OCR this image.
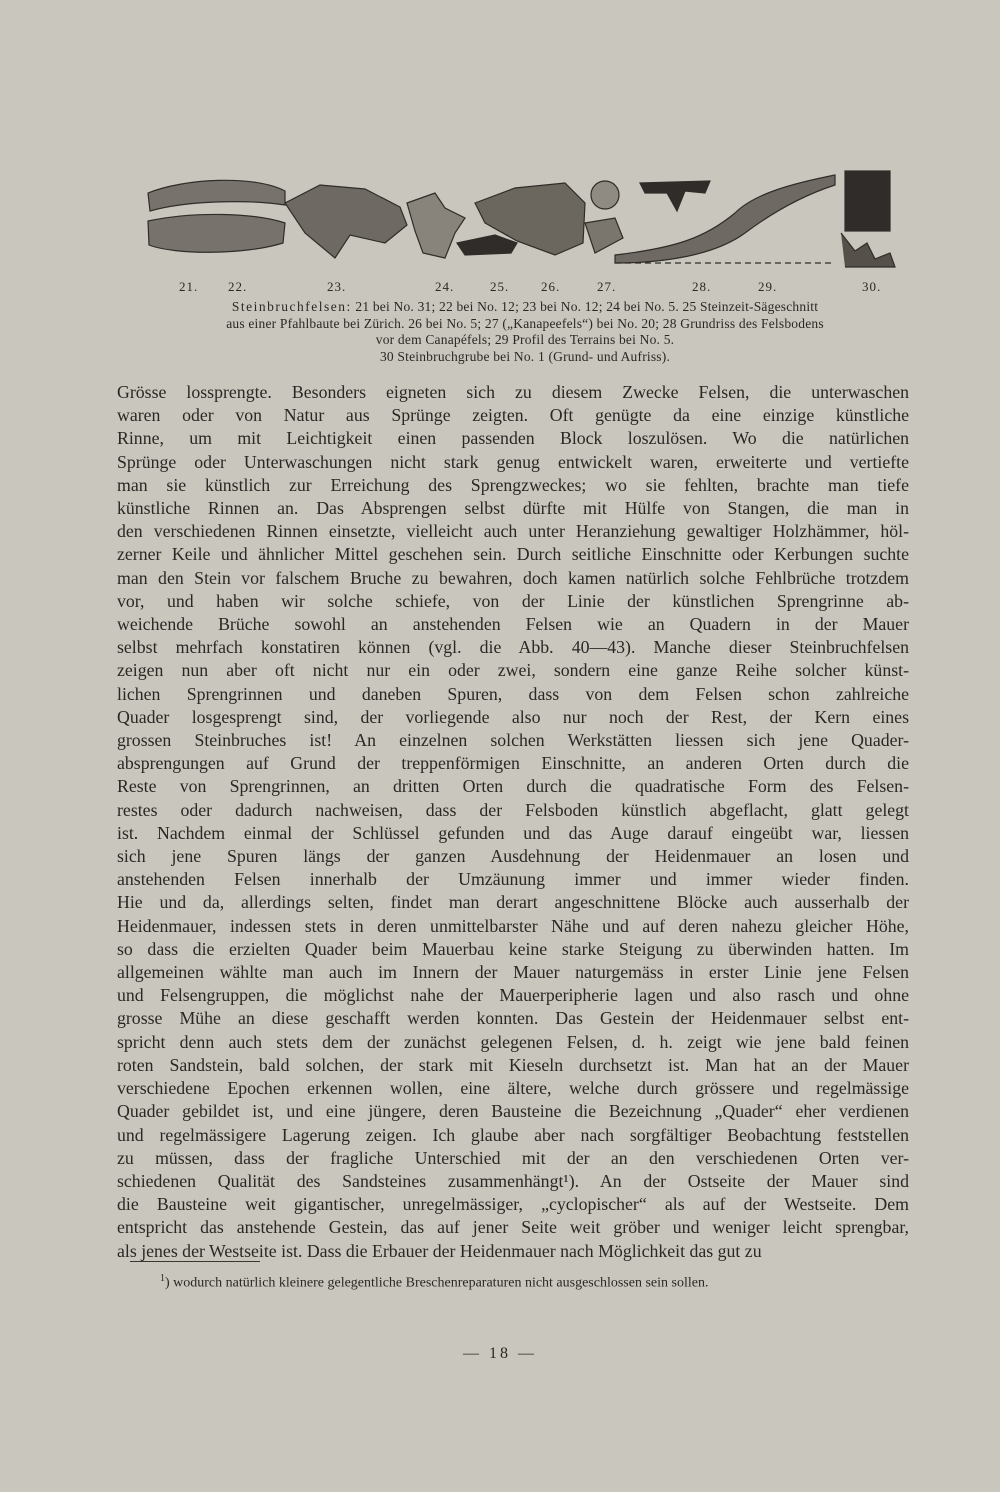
21. 22.	23.	24.	25. 26.	27.	28.	29.	30.
Steinbruchfelsen: 21 bei No. 31; 22 bei No. 12; 23 bei No. 12; 24 bei No. 5. 25 Steinzeit-Sägeschnitt
aus einer Pfahlbaute bei Zürich. 26 bei No. 5; 27 („Kanapeefels“) bei No. 20; 28 Grundriss des Felsbodens
vor dem Canapéfels; 29 Profil des Terrains bei No. 5.
30 Steinbruchgrube bei No. 1 (Grund- und Aufriss).

Grösse lossprengte. Besonders eigneten sich zu diesem Zwecke Felsen, die unterwaschen

waren oder von Natur aus Sprünge zeigten. Oft genügte da eine einzige künstliche

Rinne, um mit Leichtigkeit einen passenden Block loszulösen. Wo die natürlichen

Sprünge oder Unterwaschungen nicht stark genug entwickelt waren, erweiterte und vertiefte

man sie künstlich zur Erreichung des Sprengzweckes; wo sie fehlten, brachte man tiefe

künstliche Rinnen an. Das Absprengen selbst dürfte mit Hülfe von Stangen, die man in

den verschiedenen Rinnen einsetzte, vielleicht auch unter Heranziehung gewaltiger Holzhämmer, höl-

zerner Keile und ähnlicher Mittel geschehen sein. Durch seitliche Einschnitte oder Kerbungen suchte

man den Stein vor falschem Bruche zu bewahren, doch kamen natürlich solche Fehlbrüche trotzdem

vor, und haben wir solche schiefe, von der Linie der künstlichen Sprengrinne ab-

weichende Brüche sowohl an anstehenden Felsen wie an Quadern in der Mauer

selbst mehrfach konstatiren können (vgl. die Abb. 40—43). Manche dieser Steinbruchfelsen

zeigen nun aber oft nicht nur ein oder zwei, sondern eine ganze Reihe solcher künst-

lichen Sprengrinnen und daneben Spuren, dass von dem Felsen schon zahlreiche

Quader losgesprengt sind, der vorliegende also nur noch der Rest, der Kern eines

grossen Steinbruches ist! An einzelnen solchen Werkstätten liessen sich jene Quader-

absprengungen auf Grund der treppenförmigen Einschnitte, an anderen Orten durch die

Reste von Sprengrinnen, an dritten Orten durch die quadratische Form des Felsen-

restes oder dadurch nachweisen, dass der Felsboden künstlich abgeflacht, glatt gelegt

ist. Nachdem einmal der Schlüssel gefunden und das Auge darauf eingeübt war, liessen

sich jene Spuren längs der ganzen Ausdehnung der Heidenmauer an losen und

anstehenden Felsen innerhalb der Umzäunung immer und immer wieder finden.

Hie und da, allerdings selten, findet man derart angeschnittene Blöcke auch ausserhalb der

Heidenmauer, indessen stets in deren unmittelbarster Nähe und auf deren nahezu gleicher Höhe,

so dass die erzielten Quader beim Mauerbau keine starke Steigung zu überwinden hatten. Im

allgemeinen wählte man auch im Innern der Mauer naturgemäss in erster Linie jene Felsen

und Felsengruppen, die möglichst nahe der Mauerperipherie lagen und also rasch und ohne

grosse Mühe an diese geschafft werden konnten. Das Gestein der Heidenmauer selbst ent-

spricht denn auch stets dem der zunächst gelegenen Felsen, d. h. zeigt wie jene bald feinen

roten Sandstein, bald solchen, der stark mit Kieseln durchsetzt ist. Man hat an der Mauer

verschiedene Epochen erkennen wollen, eine ältere, welche durch grössere und regelmässige

Quader gebildet ist, und eine jüngere, deren Bausteine die Bezeichnung „Quader“ eher verdienen

und regelmässigere Lagerung zeigen. Ich glaube aber nach sorgfältiger Beobachtung feststellen

zu müssen, dass der fragliche Unterschied mit der an den verschiedenen Orten ver-

schiedenen Qualität des Sandsteines zusammenhängt¹). An der Ostseite der Mauer sind

die Bausteine weit gigantischer, unregelmässiger, „cyclopischer“ als auf der Westseite. Dem

entspricht das anstehende Gestein, das auf jener Seite weit gröber und weniger leicht sprengbar,

als jenes der Westseite ist. Dass die Erbauer der Heidenmauer nach Möglichkeit das gut zu

$^1$) wodurch natürlich kleinere gelegentliche Breschenreparaturen nicht ausgeschlossen sein sollen.
— 18 —
